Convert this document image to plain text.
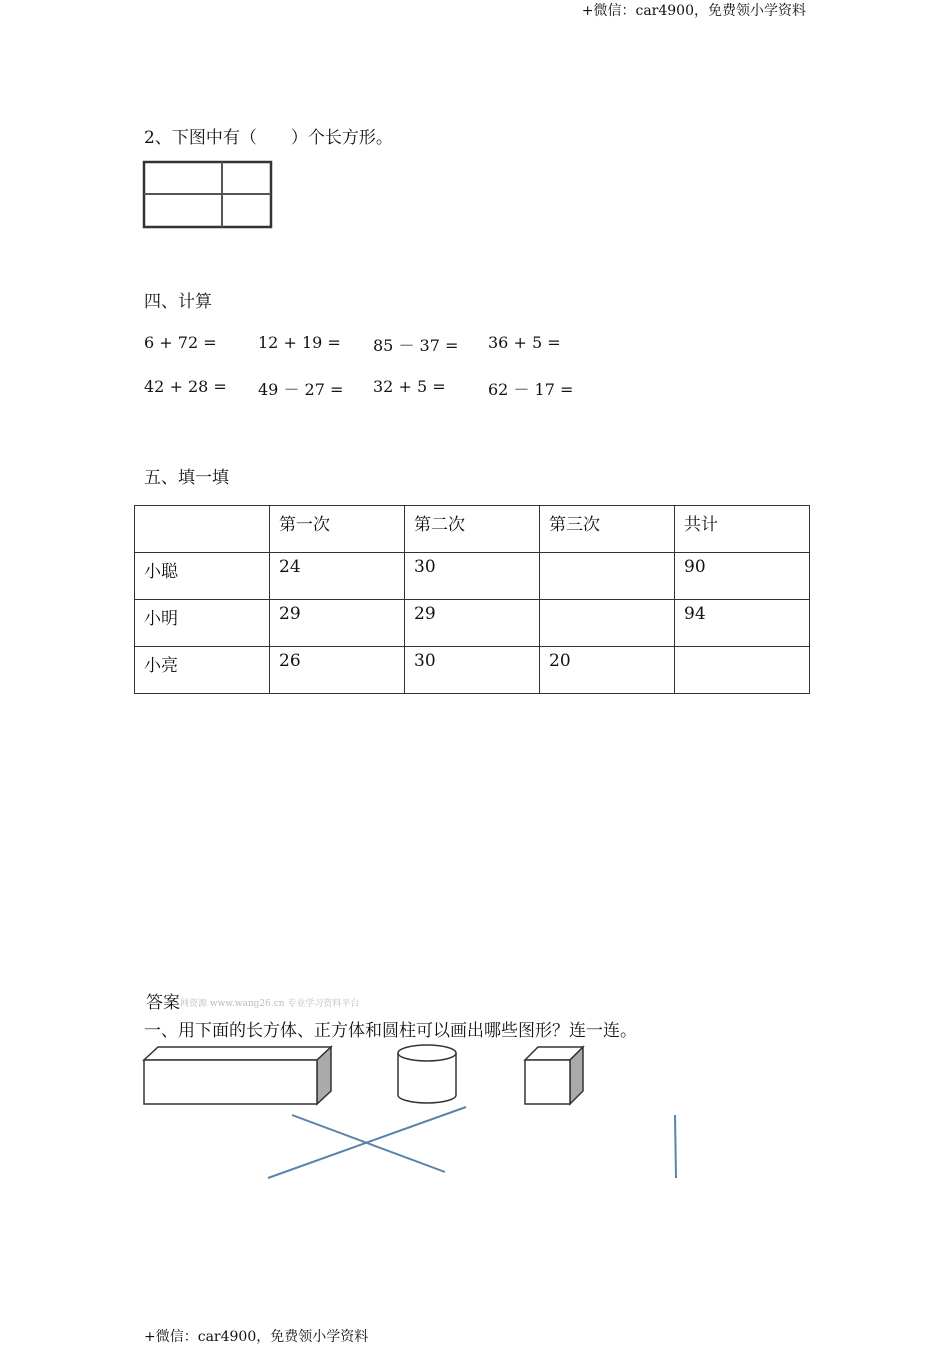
+微信：car4900，免费领小学资料
2、下图中有（　　）个长方形。
四、计算
6 + 72 =	12 + 19 = 85 － 37 = 36 + 5 =
42 + 28 = 49 － 27 = 32 + 5 =	62 － 17 =
五、填一填
	第一次	第二次	第三次	共计
小聪	24	30		90
小明	29	29		94
小亮	26	30	20	
答案 网资源 www.wang26.cn 专业学习资料平台
一、用下面的长方体、正方体和圆柱可以画出哪些图形？连一连。
+微信：car4900，免费领小学资料
